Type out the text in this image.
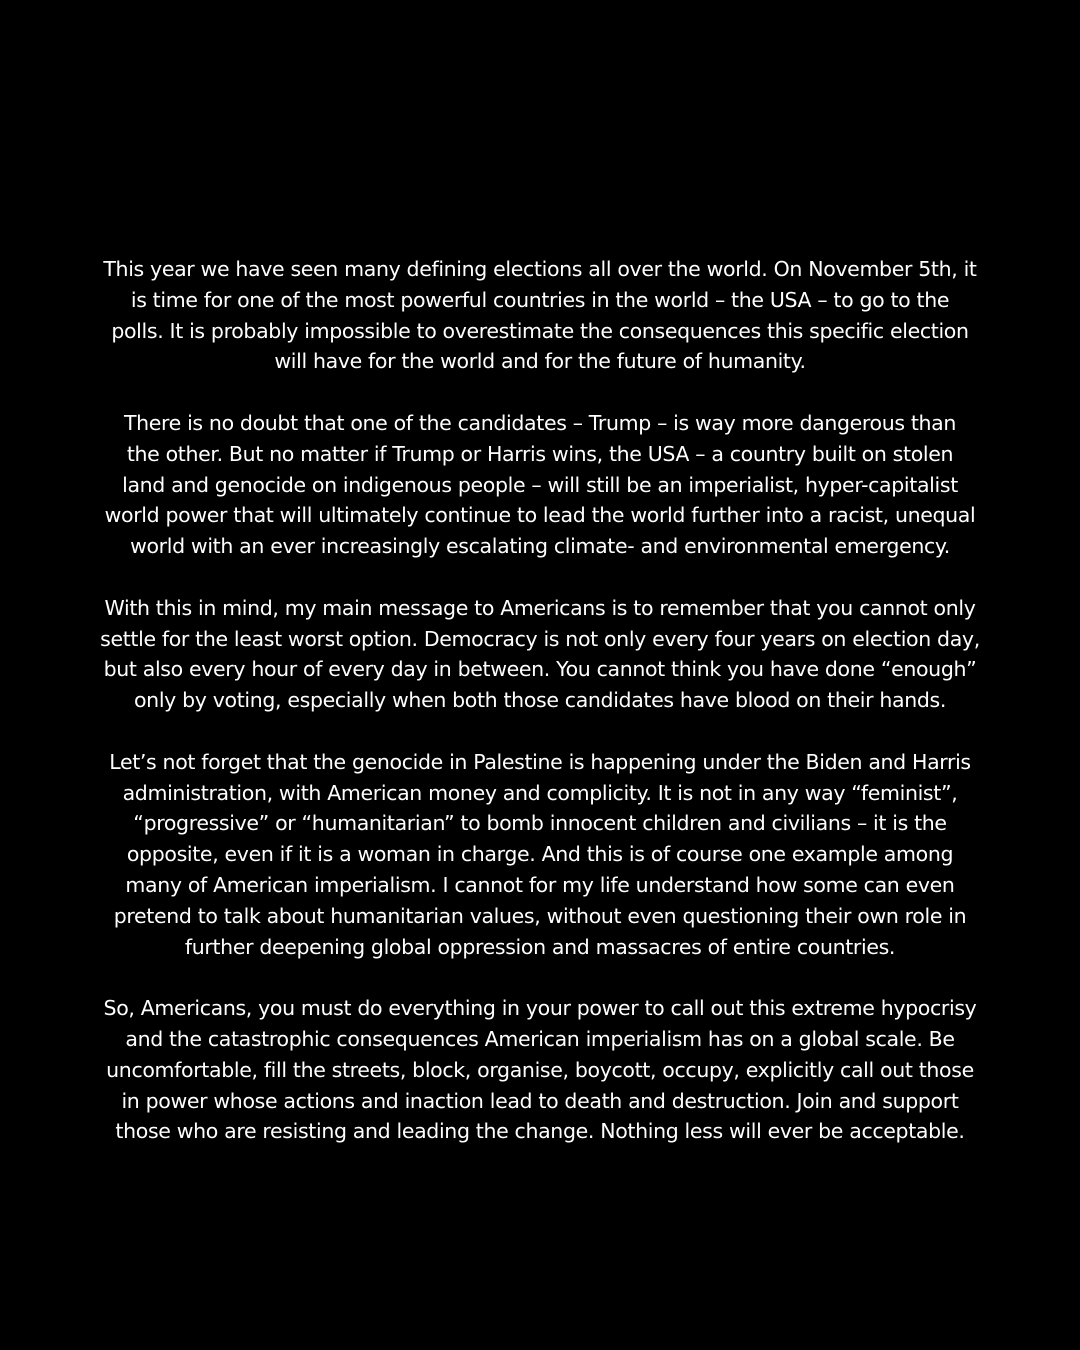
This year we have seen many defining elections all over the world. On November 5th, it
is time for one of the most powerful countries in the world – the USA – to go to the
polls. It is probably impossible to overestimate the consequences this specific election
will have for the world and for the future of humanity.

There is no doubt that one of the candidates – Trump – is way more dangerous than
the other. But no matter if Trump or Harris wins, the USA – a country built on stolen
land and genocide on indigenous people – will still be an imperialist, hyper-capitalist
world power that will ultimately continue to lead the world further into a racist, unequal
world with an ever increasingly escalating climate- and environmental emergency.

With this in mind, my main message to Americans is to remember that you cannot only
settle for the least worst option. Democracy is not only every four years on election day,
but also every hour of every day in between. You cannot think you have done “enough”
only by voting, especially when both those candidates have blood on their hands.

Let’s not forget that the genocide in Palestine is happening under the Biden and Harris
administration, with American money and complicity. It is not in any way “feminist”,
“progressive” or “humanitarian” to bomb innocent children and civilians – it is the
opposite, even if it is a woman in charge. And this is of course one example among
many of American imperialism. I cannot for my life understand how some can even
pretend to talk about humanitarian values, without even questioning their own role in
further deepening global oppression and massacres of entire countries.

So, Americans, you must do everything in your power to call out this extreme hypocrisy
and the catastrophic consequences American imperialism has on a global scale. Be
uncomfortable, fill the streets, block, organise, boycott, occupy, explicitly call out those
in power whose actions and inaction lead to death and destruction. Join and support
those who are resisting and leading the change. Nothing less will ever be acceptable.
